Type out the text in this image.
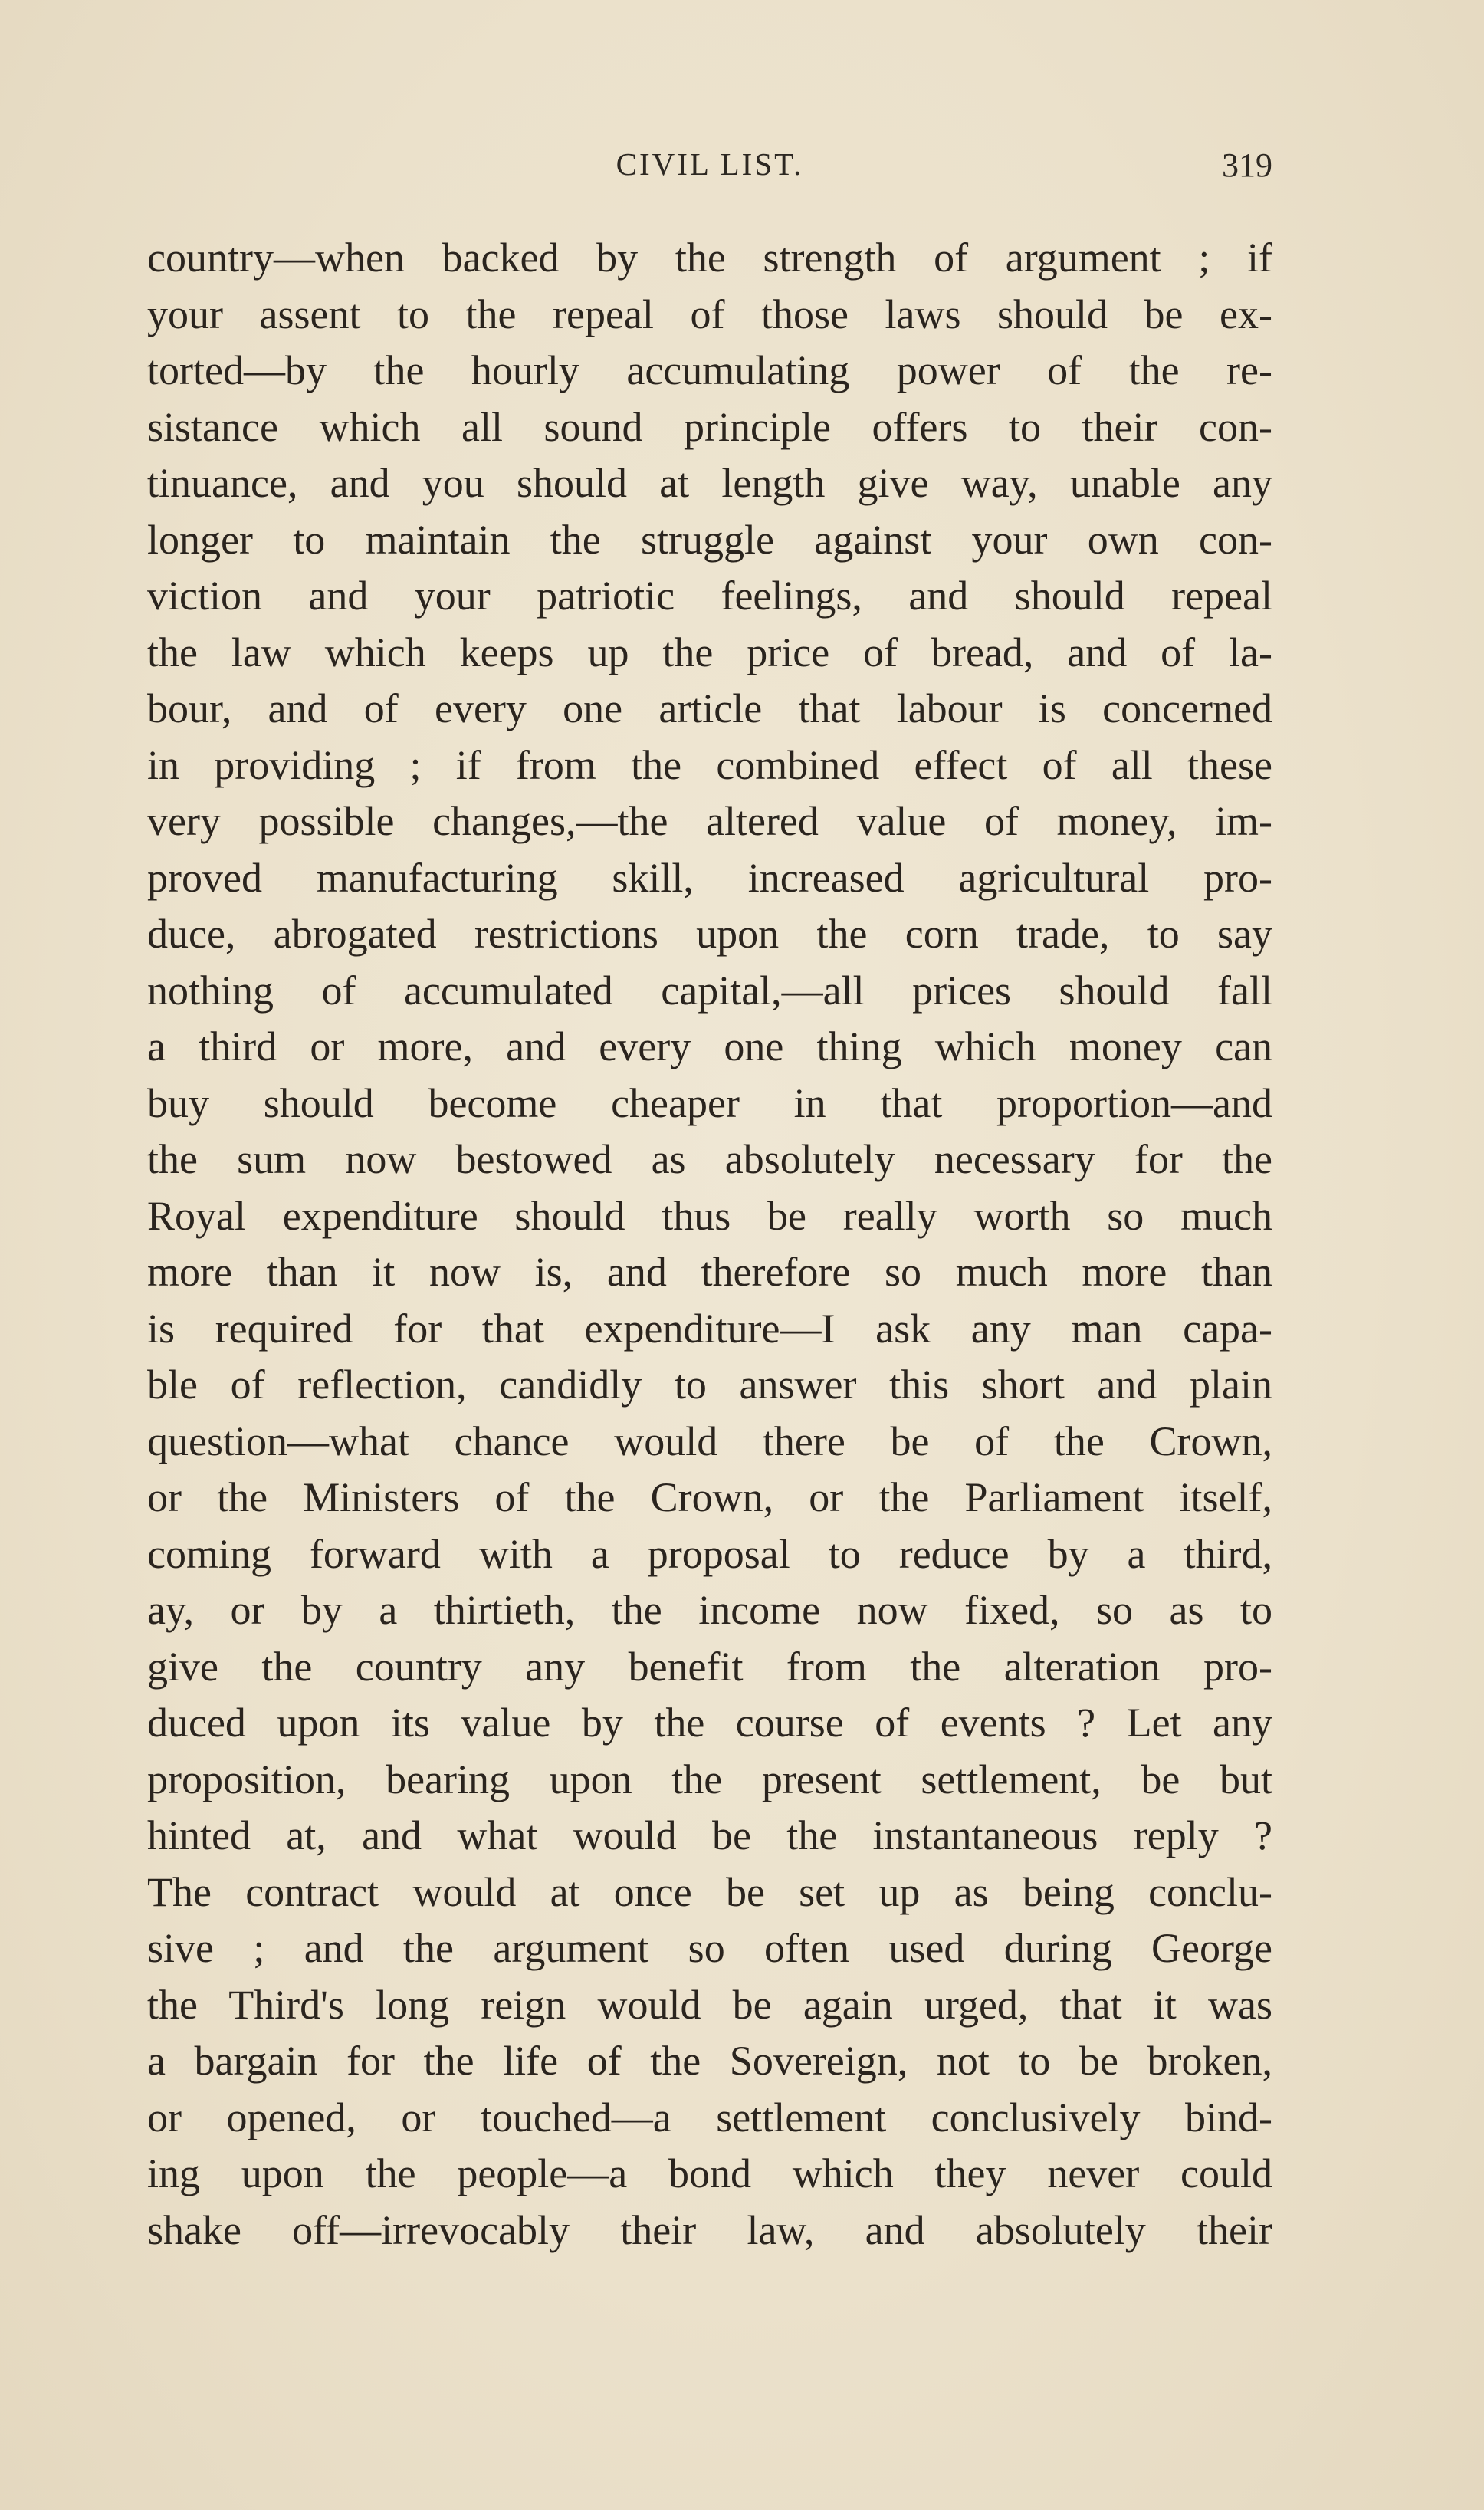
CIVIL LIST.	319
country—when backed by the strength of argument ; if
your assent to the repeal of those laws should be ex-
torted—by the hourly accumulating power of the re-
sistance which all sound principle offers to their con-
tinuance, and you should at length give way, unable any
longer to maintain the struggle against your own con-
viction and your patriotic feelings, and should repeal
the law which keeps up the price of bread, and of la-
bour, and of every one article that labour is concerned
in providing ; if from the combined effect of all these
very possible changes,—the altered value of money, im-
proved manufacturing skill, increased agricultural pro-
duce, abrogated restrictions upon the corn trade, to say
nothing of accumulated capital,—all prices should fall
a third or more, and every one thing which money can
buy should become cheaper in that proportion—and
the sum now bestowed as absolutely necessary for the
Royal expenditure should thus be really worth so much
more than it now is, and therefore so much more than
is required for that expenditure—I ask any man capa-
ble of reflection, candidly to answer this short and plain
question—what chance would there be of the Crown,
or the Ministers of the Crown, or the Parliament itself,
coming forward with a proposal to reduce by a third,
ay, or by a thirtieth, the income now fixed, so as to
give the country any benefit from the alteration pro-
duced upon its value by the course of events ? Let any
proposition, bearing upon the present settlement, be but
hinted at, and what would be the instantaneous reply ?
The contract would at once be set up as being conclu-
sive ; and the argument so often used during George
the Third's long reign would be again urged, that it was
a bargain for the life of the Sovereign, not to be broken,
or opened, or touched—a settlement conclusively bind-
ing upon the people—a bond which they never could
shake off—irrevocably their law, and absolutely their
